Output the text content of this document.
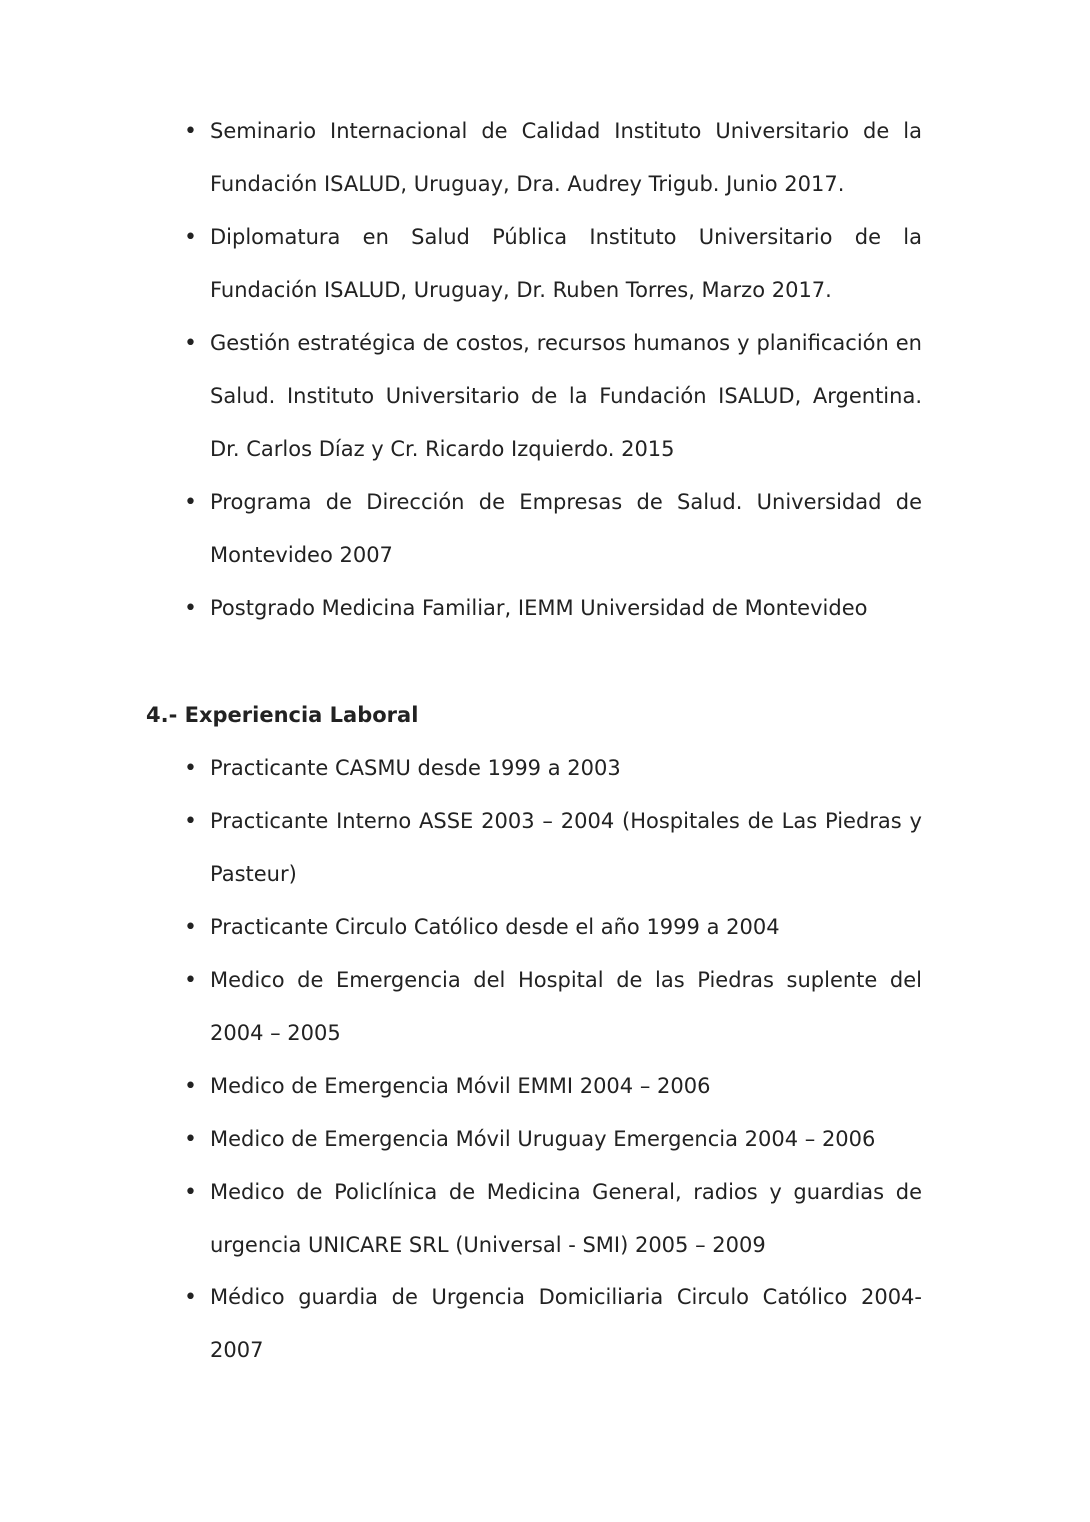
• Seminario Internacional de Calidad Instituto Universitario de la Fundación ISALUD, Uruguay, Dra. Audrey Trigub. Junio 2017.
• Diplomatura en Salud Pública Instituto Universitario de la Fundación ISALUD, Uruguay, Dr. Ruben Torres, Marzo 2017.
• Gestión estratégica de costos, recursos humanos y planificación en Salud. Instituto Universitario de la Fundación ISALUD, Argentina. Dr. Carlos Díaz y Cr. Ricardo Izquierdo. 2015
• Programa de Dirección de Empresas de Salud. Universidad de Montevideo 2007
• Postgrado Medicina Familiar, IEMM Universidad de Montevideo
4.- Experiencia Laboral
• Practicante CASMU desde 1999 a 2003
• Practicante Interno ASSE 2003 – 2004 (Hospitales de Las Piedras y Pasteur)
• Practicante Circulo Católico desde el año 1999 a 2004
• Medico de Emergencia del Hospital de las Piedras suplente del 2004 – 2005
• Medico de Emergencia Móvil EMMI 2004 – 2006
• Medico de Emergencia Móvil Uruguay Emergencia 2004 – 2006
• Medico de Policlínica de Medicina General, radios y guardias de urgencia UNICARE SRL (Universal - SMI) 2005 – 2009
• Médico guardia de Urgencia Domiciliaria Circulo Católico 2004-2007
